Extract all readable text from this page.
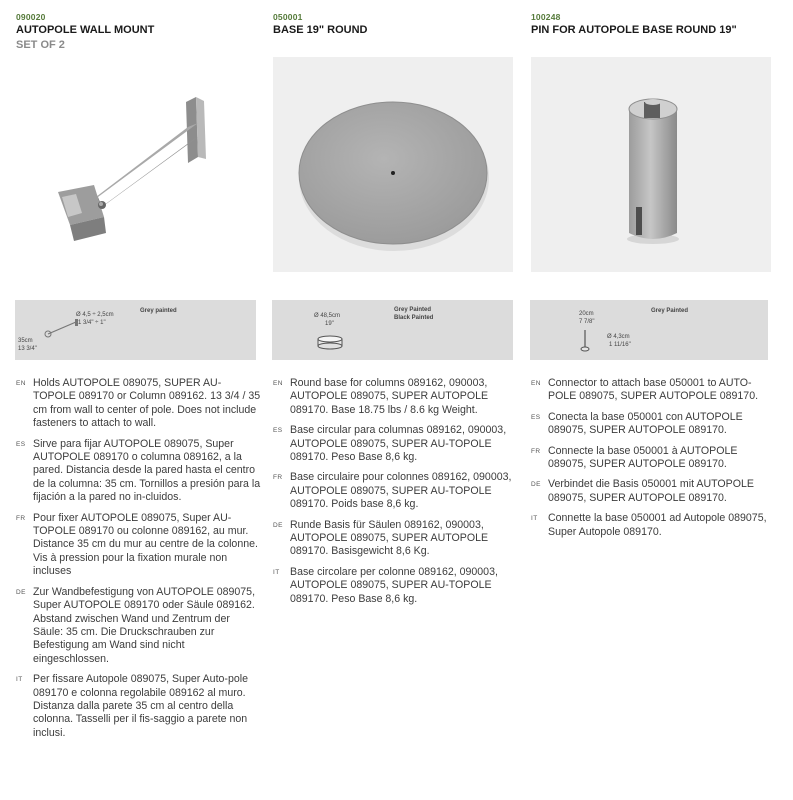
090020
AUTOPOLE WALL MOUNT
SET OF 2
Grey painted
Ø 4,5 ÷ 2,5cm
1 3/4" ÷ 1"
35cm
13 3/4"
EN Holds AUTOPOLE 089075, SUPER AU-TOPOLE 089170 or Column 089162. 13 3/4 / 35 cm from wall to center of pole. Does not include fasteners to attach to wall.
ES Sirve para fijar AUTOPOLE 089075, Super AUTOPOLE 089170 o columna 089162, a la pared. Distancia desde la pared hasta el centro de la columna: 35 cm. Tornillos a presión para la fijación a la pared no in-cluidos.
FR Pour fixer AUTOPOLE 089075, Super AU-TOPOLE 089170 ou colonne 089162, au mur. Distance 35 cm du mur au centre de la colonne. Vis à pression pour la fixation murale non incluses
DE Zur Wandbefestigung von AUTOPOLE 089075, Super AUTOPOLE 089170 oder Säule 089162. Abstand zwischen Wand und Zentrum der Säule: 35 cm. Die Druckschrauben zur Befestigung am Wand sind nicht eingeschlossen.
IT Per fissare Autopole 089075, Super Auto-pole 089170 e colonna regolabile 089162 al muro. Distanza dalla parete 35 cm al centro della colonna. Tasselli per il fis-saggio a parete non inclusi.
050001
BASE 19" ROUND
Grey Painted
Black Painted
Ø 48,5cm
19"
EN Round base for columns 089162, 090003, AUTOPOLE 089075, SUPER AUTOPOLE 089170. Base 18.75 lbs / 8.6 kg Weight.
ES Base circular para columnas 089162, 090003, AUTOPOLE 089075, SUPER AU-TOPOLE 089170. Peso Base 8,6 kg.
FR Base circulaire pour colonnes 089162, 090003, AUTOPOLE 089075, SUPER AU-TOPOLE 089170. Poids base 8,6 kg.
DE Runde Basis für Säulen 089162, 090003, AUTOPOLE 089075, SUPER AUTOPOLE 089170. Basisgewicht 8,6 Kg.
IT Base circolare per colonne 089162, 090003, AUTOPOLE 089075, SUPER AU-TOPOLE 089170. Peso Base 8,6 kg.
100248
PIN FOR AUTOPOLE BASE ROUND 19"
Grey Painted
20cm
7 7/8"
Ø 4,3cm
1 11/16"
EN Connector to attach base 050001 to AUTO-POLE 089075, SUPER AUTOPOLE 089170.
ES Conecta la base 050001 con AUTOPOLE 089075, SUPER AUTOPOLE 089170.
FR Connecte la base 050001 à AUTOPOLE 089075, SUPER AUTOPOLE 089170.
DE Verbindet die Basis 050001 mit AUTOPOLE 089075, SUPER AUTOPOLE 089170.
IT Connette la base 050001 ad Autopole 089075, Super Autopole 089170.
